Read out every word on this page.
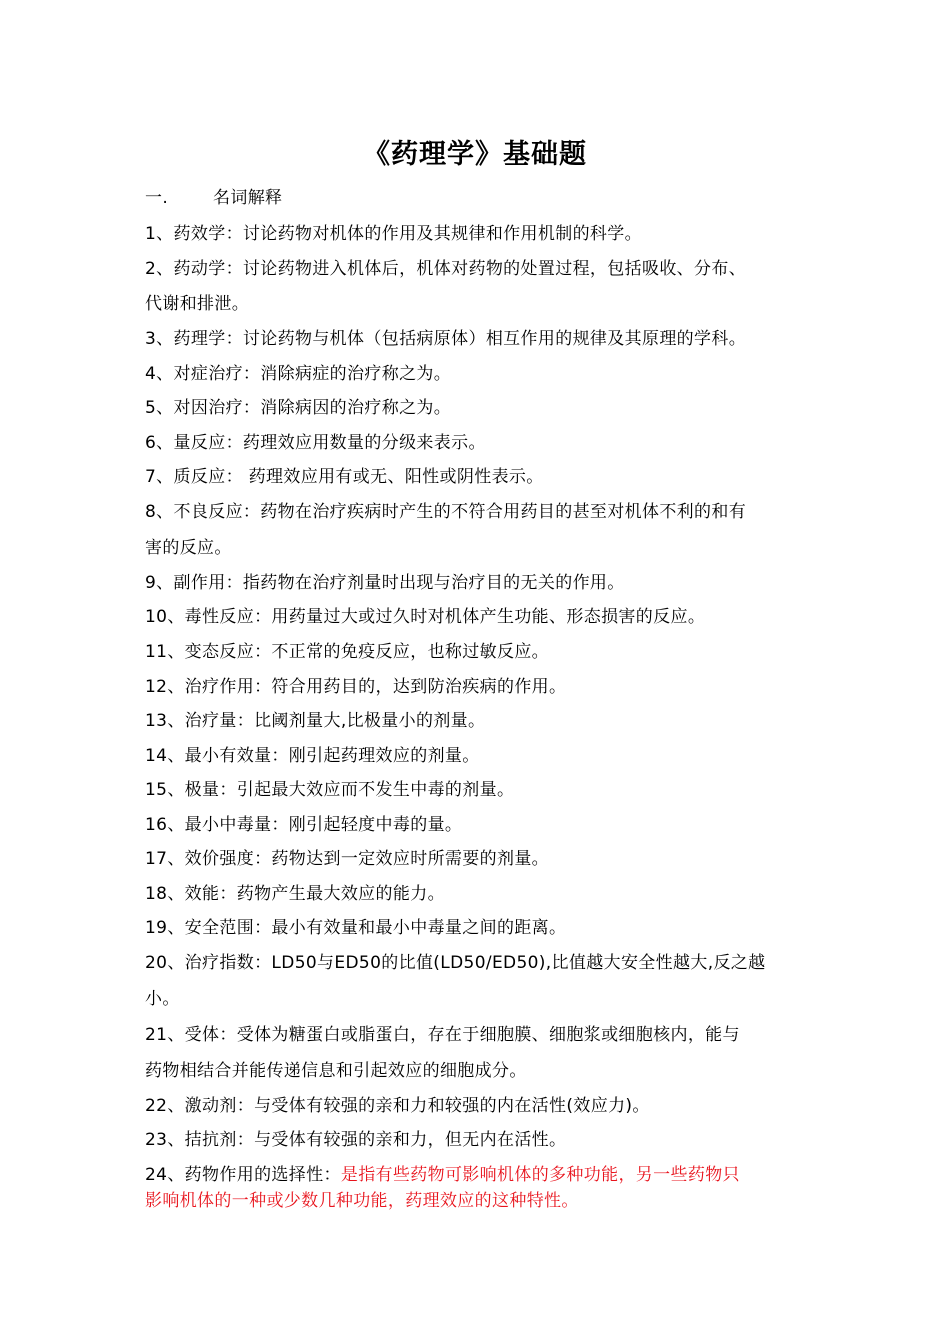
《药理学》基础题
一.	名词解释
1、药效学：讨论药物对机体的作用及其规律和作用机制的科学。
2、药动学：讨论药物进入机体后，机体对药物的处置过程，包括吸收、分布、
代谢和排泄。
3、药理学：讨论药物与机体（包括病原体）相互作用的规律及其原理的学科。
4、对症治疗：消除病症的治疗称之为。
5、对因治疗：消除病因的治疗称之为。
6、量反应：药理效应用数量的分级来表示。
7、质反应： 药理效应用有或无、阳性或阴性表示。
8、不良反应：药物在治疗疾病时产生的不符合用药目的甚至对机体不利的和有
害的反应。
9、副作用：指药物在治疗剂量时出现与治疗目的无关的作用。
10、毒性反应：用药量过大或过久时对机体产生功能、形态损害的反应。
11、变态反应：不正常的免疫反应，也称过敏反应。
12、治疗作用：符合用药目的，达到防治疾病的作用。
13、治疗量：比阈剂量大,比极量小的剂量。
14、最小有效量：刚引起药理效应的剂量。
15、极量：引起最大效应而不发生中毒的剂量。
16、最小中毒量：刚引起轻度中毒的量。
17、效价强度：药物达到一定效应时所需要的剂量。
18、效能：药物产生最大效应的能力。
19、安全范围：最小有效量和最小中毒量之间的距离。
20、治疗指数：LD50与ED50的比值(LD50/ED50),比值越大安全性越大,反之越
小。
21、受体：受体为糖蛋白或脂蛋白，存在于细胞膜、细胞浆或细胞核内，能与
药物相结合并能传递信息和引起效应的细胞成分。
22、激动剂：与受体有较强的亲和力和较强的内在活性(效应力)。
23、拮抗剂：与受体有较强的亲和力，但无内在活性。
24、药物作用的选择性：是指有些药物可影响机体的多种功能，另一些药物只
影响机体的一种或少数几种功能，药理效应的这种特性。
